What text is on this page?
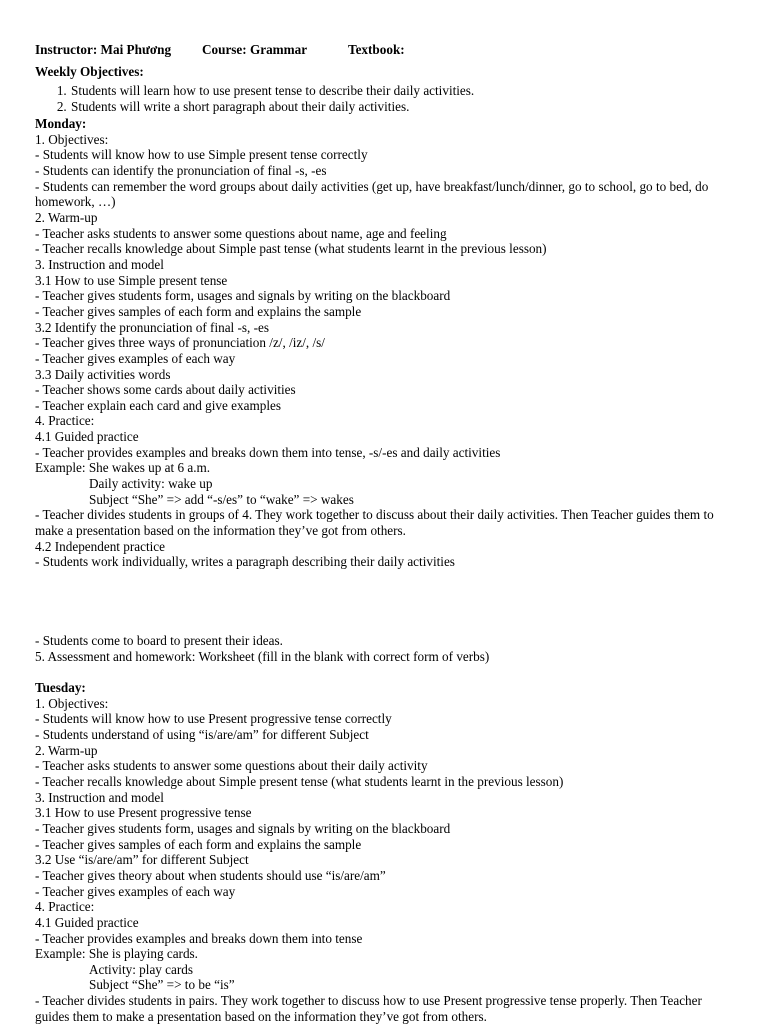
Instructor: Mai Phương Course: Grammar	Textbook:
Weekly Objectives:
1. Students will learn how to use present tense to describe their daily activities.
2. Students will write a short paragraph about their daily activities.
Monday:
1. Objectives:
- Students will know how to use Simple present tense correctly
- Students can identify the pronunciation of final -s, -es
- Students can remember the word groups about daily activities (get up, have breakfast/lunch/dinner, go to school, go to bed, do homework, …)
2. Warm-up
- Teacher asks students to answer some questions about name, age and feeling
- Teacher recalls knowledge about Simple past tense (what students learnt in the previous lesson)
3. Instruction and model
3.1 How to use Simple present tense
- Teacher gives students form, usages and signals by writing on the blackboard
- Teacher gives samples of each form and explains the sample
3.2 Identify the pronunciation of final -s, -es
- Teacher gives three ways of pronunciation /z/, /iz/, /s/
- Teacher gives examples of each way
3.3 Daily activities words
- Teacher shows some cards about daily activities
- Teacher explain each card and give examples
4. Practice:
4.1 Guided practice
- Teacher provides examples and breaks down them into tense, -s/-es and daily activities
Example: She wakes up at 6 a.m.
Daily activity: wake up
Subject “She” => add “-s/es” to “wake” => wakes
- Teacher divides students in groups of 4. They work together to discuss about their daily activities. Then Teacher guides them to make a presentation based on the information they’ve got from others.
4.2 Independent practice
- Students work individually, writes a paragraph describing their daily activities
- Students come to board to present their ideas.
5. Assessment and homework: Worksheet (fill in the blank with correct form of verbs)
Tuesday:
1. Objectives:
- Students will know how to use Present progressive tense correctly
- Students understand of using “is/are/am” for different Subject
2. Warm-up
- Teacher asks students to answer some questions about their daily activity
- Teacher recalls knowledge about Simple present tense (what students learnt in the previous lesson)
3. Instruction and model
3.1 How to use Present progressive tense
- Teacher gives students form, usages and signals by writing on the blackboard
- Teacher gives samples of each form and explains the sample
3.2 Use “is/are/am” for different Subject
- Teacher gives theory about when students should use “is/are/am”
- Teacher gives examples of each way
4. Practice:
4.1 Guided practice
- Teacher provides examples and breaks down them into tense
Example: She is playing cards.
Activity: play cards
Subject “She” => to be “is”
- Teacher divides students in pairs. They work together to discuss how to use Present progressive tense properly. Then Teacher guides them to make a presentation based on the information they’ve got from others.
